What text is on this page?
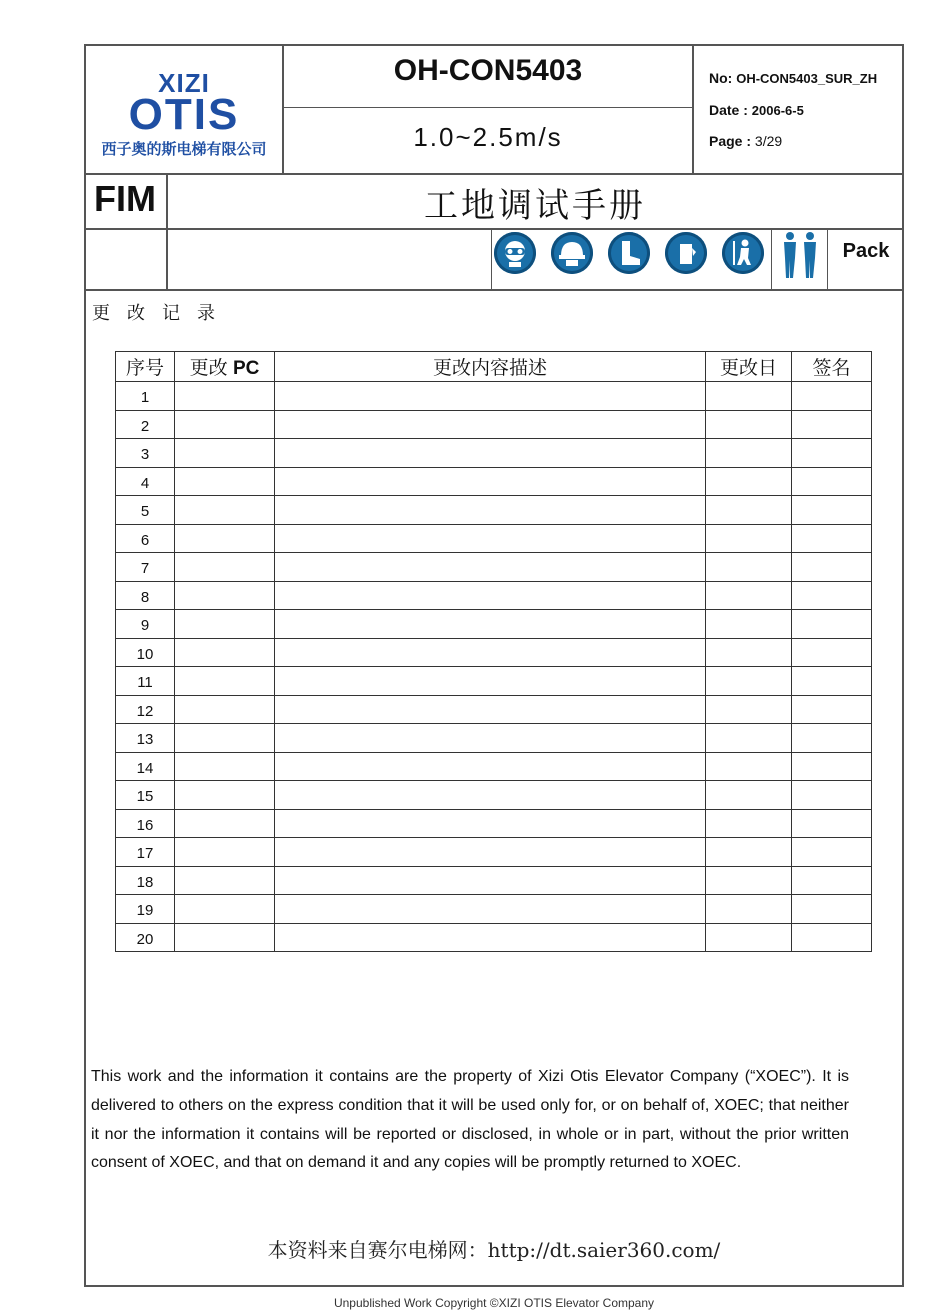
XIZI
OTIS
西子奥的斯电梯有限公司
OH-CON5403
1.0~2.5m/s
No: OH-CON5403_SUR_ZH
Date : 2006-6-5
Page : 3/29
FIM	工地调试手册
Pack
更 改 记 录
序号	更改 PC	更改内容描述	更改日	签名
1				
2				
3				
4				
5				
6				
7				
8				
9				
10				
11				
12				
13				
14				
15				
16				
17				
18				
19				
20				
This work and the information it contains are the property of Xizi Otis Elevator Company (“XOEC”). It is delivered to others on the express condition that it will be used only for, or on behalf of, XOEC; that neither it nor the information it contains will be reported or disclosed, in whole or in part, without the prior written consent of XOEC, and that on demand it and any copies will be promptly returned to XOEC.
本资料来自赛尔电梯网：http://dt.saier360.com/
Unpublished Work Copyright ©XIZI OTIS Elevator Company
